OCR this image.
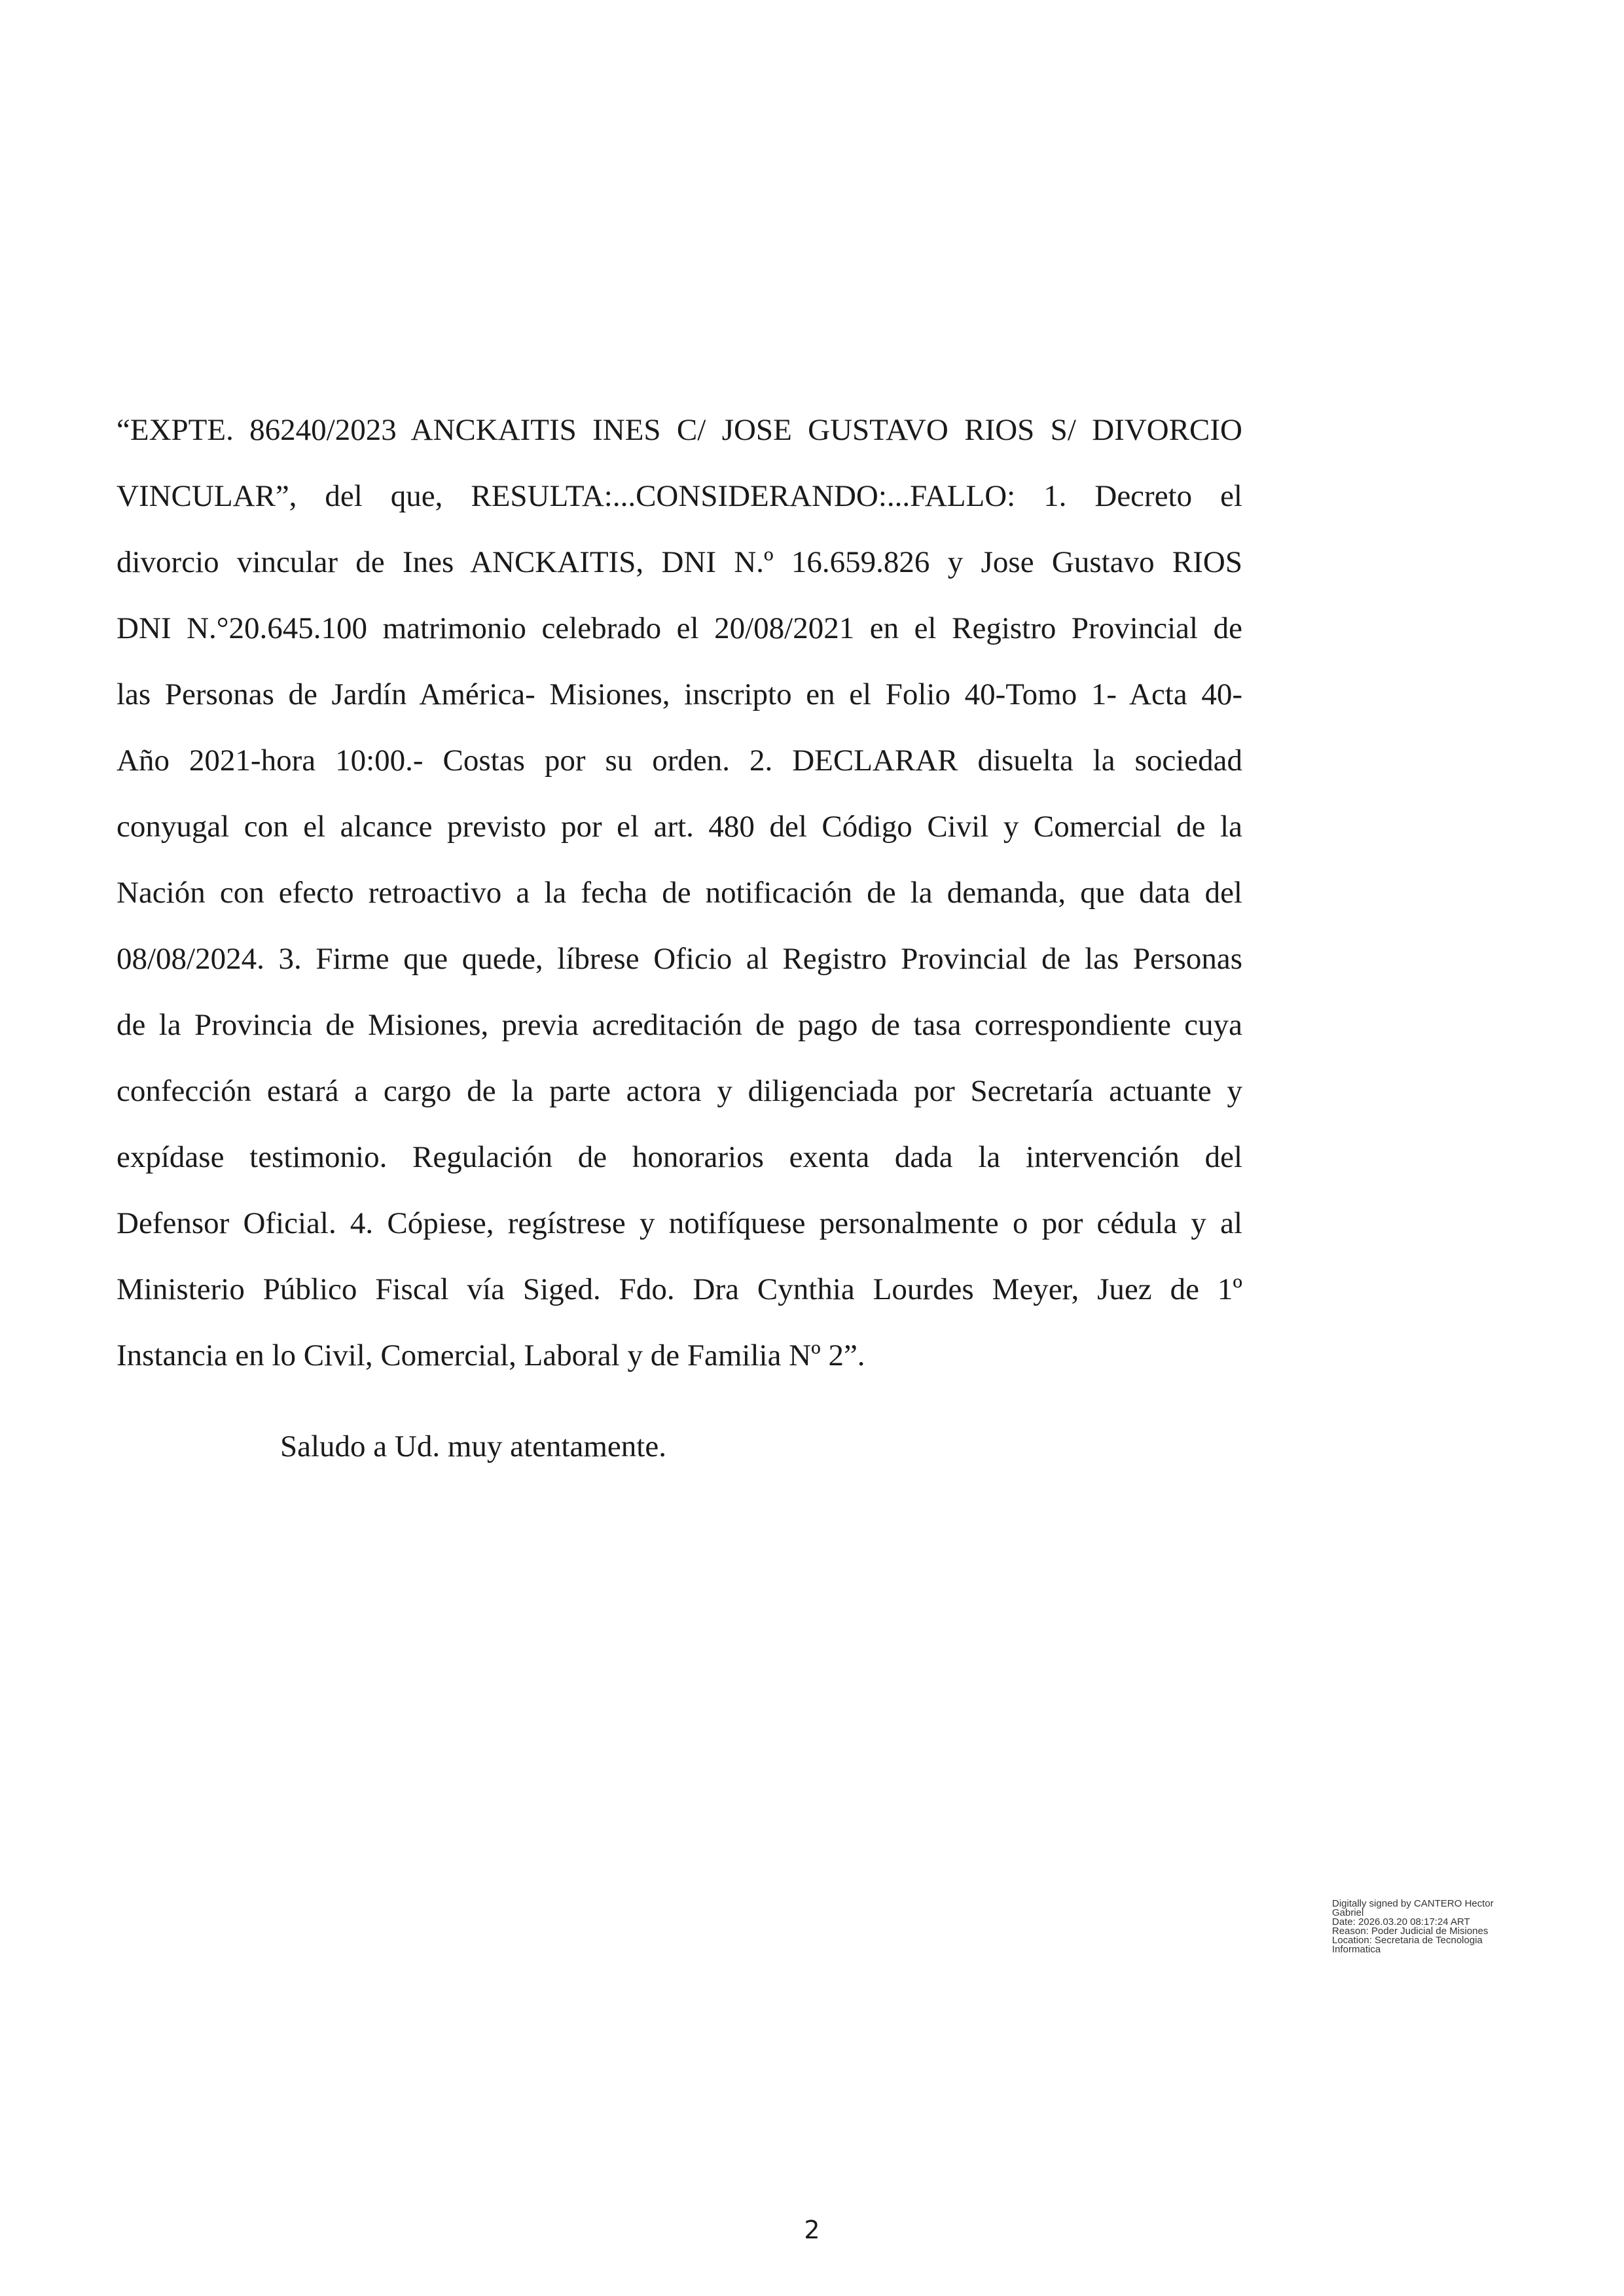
“EXPTE. 86240/2023 ANCKAITIS INES C/ JOSE GUSTAVO RIOS S/ DIVORCIO
VINCULAR”, del que, RESULTA:...CONSIDERANDO:...FALLO: 1. Decreto el
divorcio vincular de Ines ANCKAITIS, DNI N.º 16.659.826 y Jose Gustavo RIOS
DNI N.°20.645.100 matrimonio celebrado el 20/08/2021 en el Registro Provincial de
las Personas de Jardín América- Misiones, inscripto en el Folio 40-Tomo 1- Acta 40-
Año 2021-hora 10:00.- Costas por su orden. 2. DECLARAR disuelta la sociedad
conyugal con el alcance previsto por el art. 480 del Código Civil y Comercial de la
Nación con efecto retroactivo a la fecha de notificación de la demanda, que data del
08/08/2024. 3. Firme que quede, líbrese Oficio al Registro Provincial de las Personas
de la Provincia de Misiones, previa acreditación de pago de tasa correspondiente cuya
confección estará a cargo de la parte actora y diligenciada por Secretaría actuante y
expídase testimonio. Regulación de honorarios exenta dada la intervención del
Defensor Oficial. 4. Cópiese, regístrese y notifíquese personalmente o por cédula y al
Ministerio Público Fiscal vía Siged. Fdo. Dra Cynthia Lourdes Meyer, Juez de 1º
Instancia en lo Civil, Comercial, Laboral y de Familia Nº 2”.
Saludo a Ud. muy atentamente.
Digitally signed by CANTERO Hector
Gabriel
Date: 2026.03.20 08:17:24 ART
Reason: Poder Judicial de Misiones
Location: Secretaria de Tecnologia
Informatica
2
